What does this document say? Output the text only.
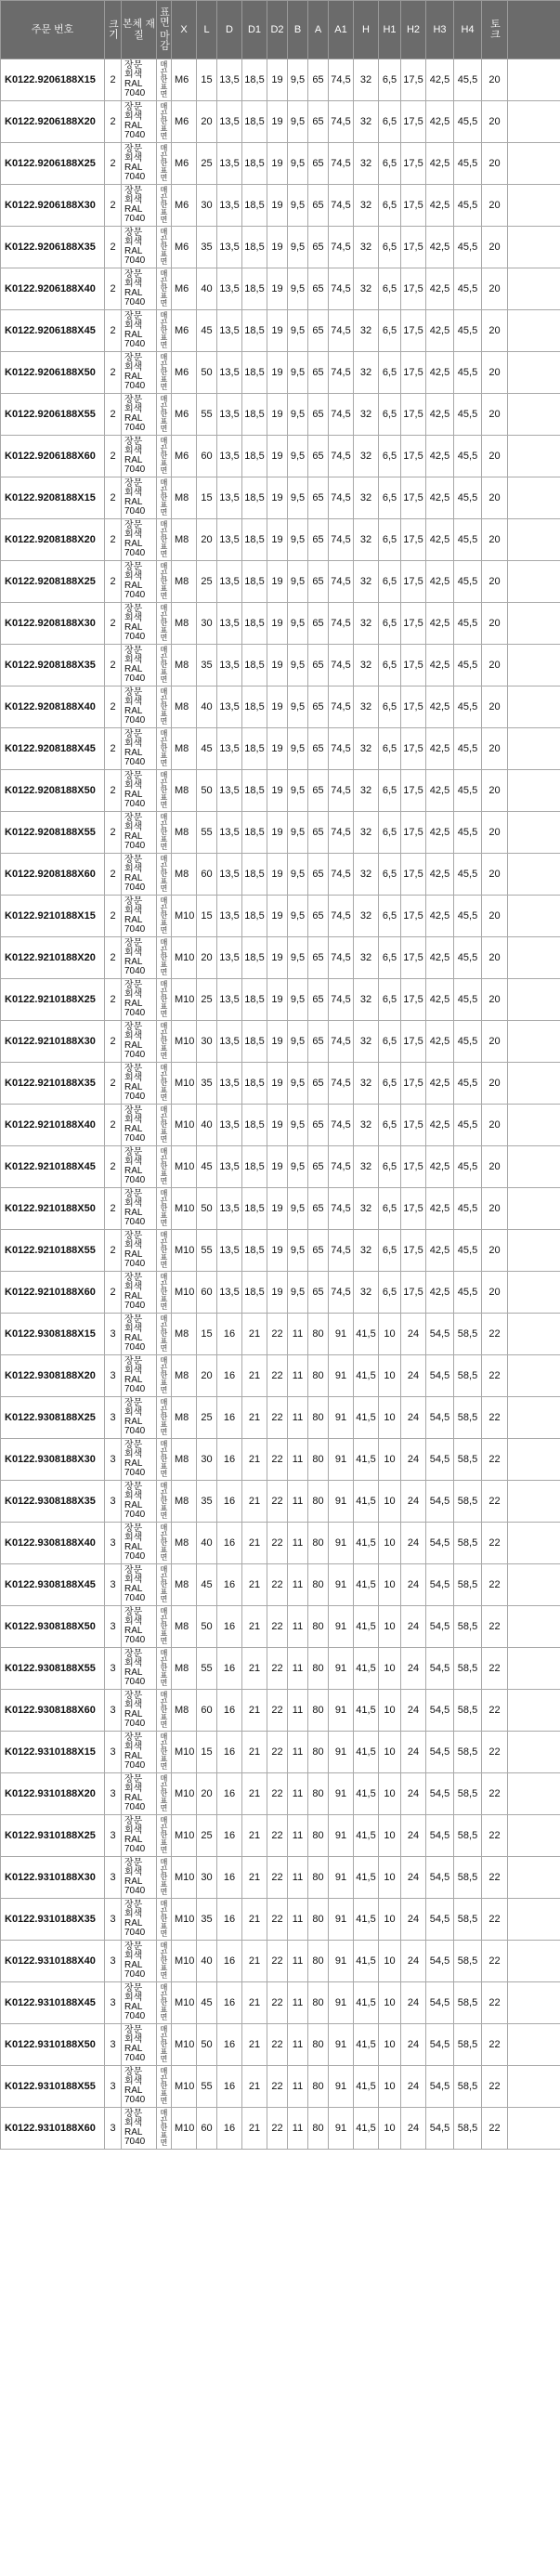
주문 번호	크기	본체 재질	표면 마감	X	L	D	D1	D2	B	A	A1	H	H1	H2	H3	H4	토크	
K0122.9206188X15	2	장문
회색
RAL
7040	매끈한표면	M6	15	13,5	18,5	19	9,5	65	74,5	32	6,5	17,5	42,5	45,5	20	
K0122.9206188X20	2	장문
회색
RAL
7040	매끈한표면	M6	20	13,5	18,5	19	9,5	65	74,5	32	6,5	17,5	42,5	45,5	20	
K0122.9206188X25	2	장문
회색
RAL
7040	매끈한표면	M6	25	13,5	18,5	19	9,5	65	74,5	32	6,5	17,5	42,5	45,5	20	
K0122.9206188X30	2	장문
회색
RAL
7040	매끈한표면	M6	30	13,5	18,5	19	9,5	65	74,5	32	6,5	17,5	42,5	45,5	20	
K0122.9206188X35	2	장문
회색
RAL
7040	매끈한표면	M6	35	13,5	18,5	19	9,5	65	74,5	32	6,5	17,5	42,5	45,5	20	
K0122.9206188X40	2	장문
회색
RAL
7040	매끈한표면	M6	40	13,5	18,5	19	9,5	65	74,5	32	6,5	17,5	42,5	45,5	20	
K0122.9206188X45	2	장문
회색
RAL
7040	매끈한표면	M6	45	13,5	18,5	19	9,5	65	74,5	32	6,5	17,5	42,5	45,5	20	
K0122.9206188X50	2	장문
회색
RAL
7040	매끈한표면	M6	50	13,5	18,5	19	9,5	65	74,5	32	6,5	17,5	42,5	45,5	20	
K0122.9206188X55	2	장문
회색
RAL
7040	매끈한표면	M6	55	13,5	18,5	19	9,5	65	74,5	32	6,5	17,5	42,5	45,5	20	
K0122.9206188X60	2	장문
회색
RAL
7040	매끈한표면	M6	60	13,5	18,5	19	9,5	65	74,5	32	6,5	17,5	42,5	45,5	20	
K0122.9208188X15	2	장문
회색
RAL
7040	매끈한표면	M8	15	13,5	18,5	19	9,5	65	74,5	32	6,5	17,5	42,5	45,5	20	
K0122.9208188X20	2	장문
회색
RAL
7040	매끈한표면	M8	20	13,5	18,5	19	9,5	65	74,5	32	6,5	17,5	42,5	45,5	20	
K0122.9208188X25	2	장문
회색
RAL
7040	매끈한표면	M8	25	13,5	18,5	19	9,5	65	74,5	32	6,5	17,5	42,5	45,5	20	
K0122.9208188X30	2	장문
회색
RAL
7040	매끈한표면	M8	30	13,5	18,5	19	9,5	65	74,5	32	6,5	17,5	42,5	45,5	20	
K0122.9208188X35	2	장문
회색
RAL
7040	매끈한표면	M8	35	13,5	18,5	19	9,5	65	74,5	32	6,5	17,5	42,5	45,5	20	
K0122.9208188X40	2	장문
회색
RAL
7040	매끈한표면	M8	40	13,5	18,5	19	9,5	65	74,5	32	6,5	17,5	42,5	45,5	20	
K0122.9208188X45	2	장문
회색
RAL
7040	매끈한표면	M8	45	13,5	18,5	19	9,5	65	74,5	32	6,5	17,5	42,5	45,5	20	
K0122.9208188X50	2	장문
회색
RAL
7040	매끈한표면	M8	50	13,5	18,5	19	9,5	65	74,5	32	6,5	17,5	42,5	45,5	20	
K0122.9208188X55	2	장문
회색
RAL
7040	매끈한표면	M8	55	13,5	18,5	19	9,5	65	74,5	32	6,5	17,5	42,5	45,5	20	
K0122.9208188X60	2	장문
회색
RAL
7040	매끈한표면	M8	60	13,5	18,5	19	9,5	65	74,5	32	6,5	17,5	42,5	45,5	20	
K0122.9210188X15	2	장문
회색
RAL
7040	매끈한표면	M10	15	13,5	18,5	19	9,5	65	74,5	32	6,5	17,5	42,5	45,5	20	
K0122.9210188X20	2	장문
회색
RAL
7040	매끈한표면	M10	20	13,5	18,5	19	9,5	65	74,5	32	6,5	17,5	42,5	45,5	20	
K0122.9210188X25	2	장문
회색
RAL
7040	매끈한표면	M10	25	13,5	18,5	19	9,5	65	74,5	32	6,5	17,5	42,5	45,5	20	
K0122.9210188X30	2	장문
회색
RAL
7040	매끈한표면	M10	30	13,5	18,5	19	9,5	65	74,5	32	6,5	17,5	42,5	45,5	20	
K0122.9210188X35	2	장문
회색
RAL
7040	매끈한표면	M10	35	13,5	18,5	19	9,5	65	74,5	32	6,5	17,5	42,5	45,5	20	
K0122.9210188X40	2	장문
회색
RAL
7040	매끈한표면	M10	40	13,5	18,5	19	9,5	65	74,5	32	6,5	17,5	42,5	45,5	20	
K0122.9210188X45	2	장문
회색
RAL
7040	매끈한표면	M10	45	13,5	18,5	19	9,5	65	74,5	32	6,5	17,5	42,5	45,5	20	
K0122.9210188X50	2	장문
회색
RAL
7040	매끈한표면	M10	50	13,5	18,5	19	9,5	65	74,5	32	6,5	17,5	42,5	45,5	20	
K0122.9210188X55	2	장문
회색
RAL
7040	매끈한표면	M10	55	13,5	18,5	19	9,5	65	74,5	32	6,5	17,5	42,5	45,5	20	
K0122.9210188X60	2	장문
회색
RAL
7040	매끈한표면	M10	60	13,5	18,5	19	9,5	65	74,5	32	6,5	17,5	42,5	45,5	20	
K0122.9308188X15	3	장문
회색
RAL
7040	매끈한표면	M8	15	16	21	22	11	80	91	41,5	10	24	54,5	58,5	22	
K0122.9308188X20	3	장문
회색
RAL
7040	매끈한표면	M8	20	16	21	22	11	80	91	41,5	10	24	54,5	58,5	22	
K0122.9308188X25	3	장문
회색
RAL
7040	매끈한표면	M8	25	16	21	22	11	80	91	41,5	10	24	54,5	58,5	22	
K0122.9308188X30	3	장문
회색
RAL
7040	매끈한표면	M8	30	16	21	22	11	80	91	41,5	10	24	54,5	58,5	22	
K0122.9308188X35	3	장문
회색
RAL
7040	매끈한표면	M8	35	16	21	22	11	80	91	41,5	10	24	54,5	58,5	22	
K0122.9308188X40	3	장문
회색
RAL
7040	매끈한표면	M8	40	16	21	22	11	80	91	41,5	10	24	54,5	58,5	22	
K0122.9308188X45	3	장문
회색
RAL
7040	매끈한표면	M8	45	16	21	22	11	80	91	41,5	10	24	54,5	58,5	22	
K0122.9308188X50	3	장문
회색
RAL
7040	매끈한표면	M8	50	16	21	22	11	80	91	41,5	10	24	54,5	58,5	22	
K0122.9308188X55	3	장문
회색
RAL
7040	매끈한표면	M8	55	16	21	22	11	80	91	41,5	10	24	54,5	58,5	22	
K0122.9308188X60	3	장문
회색
RAL
7040	매끈한표면	M8	60	16	21	22	11	80	91	41,5	10	24	54,5	58,5	22	
K0122.9310188X15	3	장문
회색
RAL
7040	매끈한표면	M10	15	16	21	22	11	80	91	41,5	10	24	54,5	58,5	22	
K0122.9310188X20	3	장문
회색
RAL
7040	매끈한표면	M10	20	16	21	22	11	80	91	41,5	10	24	54,5	58,5	22	
K0122.9310188X25	3	장문
회색
RAL
7040	매끈한표면	M10	25	16	21	22	11	80	91	41,5	10	24	54,5	58,5	22	
K0122.9310188X30	3	장문
회색
RAL
7040	매끈한표면	M10	30	16	21	22	11	80	91	41,5	10	24	54,5	58,5	22	
K0122.9310188X35	3	장문
회색
RAL
7040	매끈한표면	M10	35	16	21	22	11	80	91	41,5	10	24	54,5	58,5	22	
K0122.9310188X40	3	장문
회색
RAL
7040	매끈한표면	M10	40	16	21	22	11	80	91	41,5	10	24	54,5	58,5	22	
K0122.9310188X45	3	장문
회색
RAL
7040	매끈한표면	M10	45	16	21	22	11	80	91	41,5	10	24	54,5	58,5	22	
K0122.9310188X50	3	장문
회색
RAL
7040	매끈한표면	M10	50	16	21	22	11	80	91	41,5	10	24	54,5	58,5	22	
K0122.9310188X55	3	장문
회색
RAL
7040	매끈한표면	M10	55	16	21	22	11	80	91	41,5	10	24	54,5	58,5	22	
K0122.9310188X60	3	장문
회색
RAL
7040	매끈한표면	M10	60	16	21	22	11	80	91	41,5	10	24	54,5	58,5	22	
